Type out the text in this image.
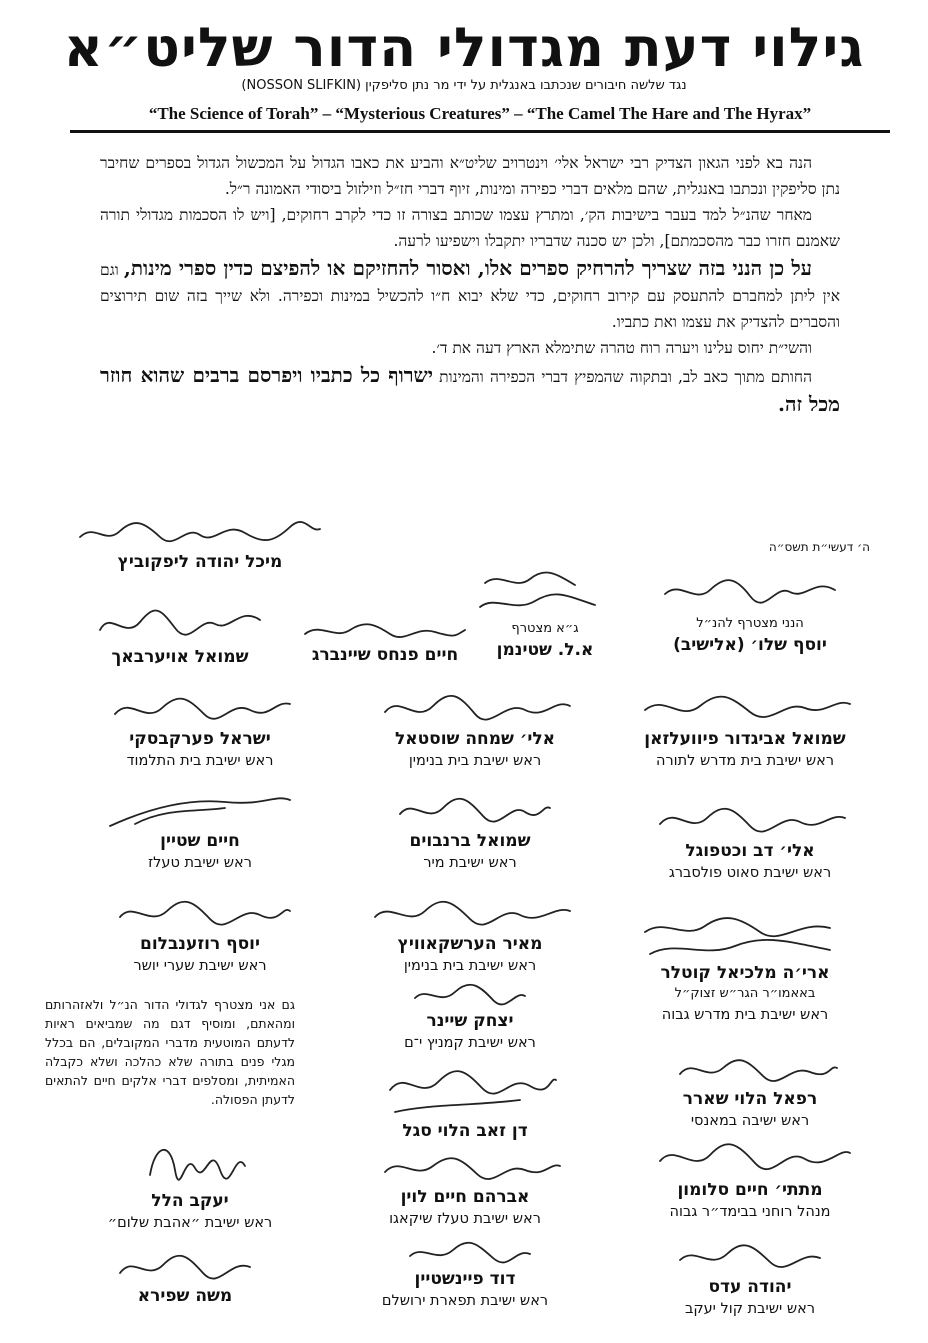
גילוי דעת מגדולי הדור שליט״א
נגד שלשה חיבורים שנכתבו באנגלית על ידי מר נתן סליפקין (NOSSON SLIFKIN)
“The Science of Torah” – “Mysterious Creatures” – “The Camel The Hare and The Hyrax”

הנה בא לפני הגאון הצדיק רבי ישראל אלי׳ וינטרויב שליט״א והביע את כאבו הגדול על המכשול הגדול בספרים שחיבר נתן סליפקין ונכתבו באנגלית, שהם מלאים דברי כפירה ומינות, זיוף דברי חז״ל וזילזול ביסודי האמונה ר״ל.

מאחר שהנ״ל למד בעבר בישיבות הק׳, ומתרץ עצמו שכותב בצורה זו כדי לקרב רחוקים, [ויש לו הסכמות מגדולי תורה שאמנם חזרו כבר מהסכמתם], ולכן יש סכנה שדבריו יתקבלו וישפיעו לרעה.

על כן הנני בזה שצריך להרחיק ספרים אלו, ואסור להחזיקם או להפיצם כדין ספרי מינות, וגם אין ליתן למחברם להתעסק עם קירוב רחוקים, כדי שלא יבוא ח״ו להכשיל במינות וכפירה. ולא שייך בזה שום תירוצים והסברים להצדיק את עצמו ואת כתביו.

והשי״ת יחוס עלינו ויערה רוח טהרה שתימלא הארץ דעה את ד׳.

החותם מתוך כאב לב, ובתקוה שהמפיץ דברי הכפירה והמינות ישרוף כל כתביו ויפרסם ברבים שהוא חוזר מכל זה.

ה׳ דעשי״ת תשס״ה
מיכל יהודה ליפקוביץ
הנני מצטרף להנ״ל
יוסף שלו׳ (אלישיב)
ג״א מצטרף
א.ל. שטינמן
חיים פנחס שיינברג
שמואל אויערבאך
שמואל אביגדור פיוועלזאן
ראש ישיבת בית מדרש לתורה
אלי׳ שמחה שוסטאל
ראש ישיבת בית בנימין
ישראל פערקבסקי
ראש ישיבת בית התלמוד
אלי׳ דב וכטפוגל
ראש ישיבת סאוט פולסברג
שמואל ברנבוים
ראש ישיבת מיר
חיים שטיין
ראש ישיבת טעלז
ארי׳ה מלכיאל קוטלר
באאמו״ר הגר״ש זצוק״ל
ראש ישיבת בית מדרש גבוה
מאיר הערשקאוויץ
ראש ישיבת בית בנימין
יוסף רוזענבלום
ראש ישיבת שערי יושר
יצחק שיינר
ראש ישיבת קמניץ י־ם
רפאל הלוי שארר
ראש ישיבה במאנסי
דן זאב הלוי סגל
גם אני מצטרף לגדולי הדור הנ״ל ולאזהרותם ומהאתם, ומוסיף דגם מה שמביאים ראיות לדעתם המוטעית מדברי המקובלים, הם בכלל מגלי פנים בתורה שלא כהלכה ושלא כקבלה האמיתית, ומסלפים דברי אלקים חיים להתאים לדעתן הפסולה.
מתתי׳ חיים סלומון
מנהל רוחני בבימד״ר גבוה
אברהם חיים לוין
ראש ישיבת טעלז שיקאגו
יעקב הלל
ראש ישיבת ״אהבת שלום״
יהודה עדס
ראש ישיבת קול יעקב
דוד פיינשטיין
ראש ישיבת תפארת ירושלם
משה שפירא
